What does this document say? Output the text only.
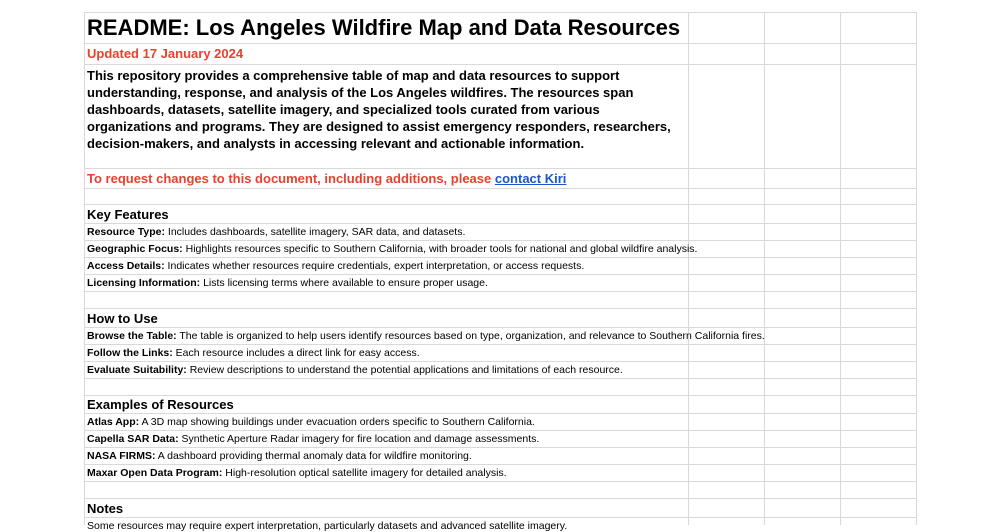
README: Los Angeles Wildfire Map and Data Resources
Updated 17 January 2024
This repository provides a comprehensive table of map and data resources to support understanding, response, and analysis of the Los Angeles wildfires. The resources span dashboards, datasets, satellite imagery, and specialized tools curated from various organizations and programs. They are designed to assist emergency responders, researchers, decision-makers, and analysts in accessing relevant and actionable information.
To request changes to this document, including additions, please contact Kiri
Key Features
Resource Type: Includes dashboards, satellite imagery, SAR data, and datasets.
Geographic Focus: Highlights resources specific to Southern California, with broader tools for national and global wildfire analysis.
Access Details: Indicates whether resources require credentials, expert interpretation, or access requests.
Licensing Information: Lists licensing terms where available to ensure proper usage.
How to Use
Browse the Table: The table is organized to help users identify resources based on type, organization, and relevance to Southern California fires.
Follow the Links: Each resource includes a direct link for easy access.
Evaluate Suitability: Review descriptions to understand the potential applications and limitations of each resource.
Examples of Resources
Atlas App: A 3D map showing buildings under evacuation orders specific to Southern California.
Capella SAR Data: Synthetic Aperture Radar imagery for fire location and damage assessments.
NASA FIRMS: A dashboard providing thermal anomaly data for wildfire monitoring.
Maxar Open Data Program: High-resolution optical satellite imagery for detailed analysis.
Notes
Some resources may require expert interpretation, particularly datasets and advanced satellite imagery.
